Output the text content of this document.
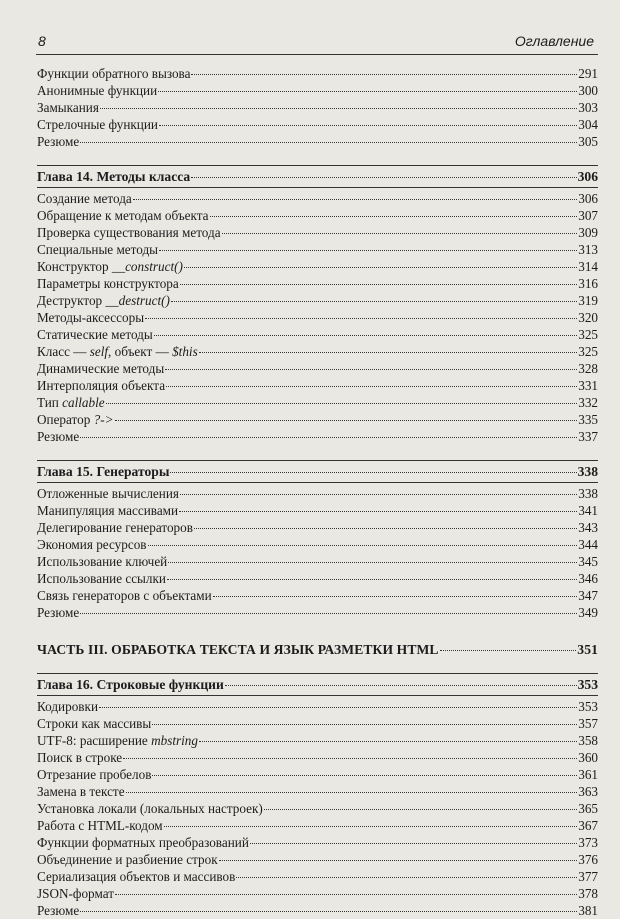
8	Оглавление
Функции обратного вызова	291
Анонимные функции	300
Замыкания	303
Стрелочные функции	304
Резюме	305
Глава 14. Методы класса	306
Создание метода	306
Обращение к методам объекта	307
Проверка существования метода	309
Специальные методы	313
Конструктор __construct()	314
Параметры конструктора	316
Деструктор __destruct()	319
Методы-аксессоры	320
Статические методы	325
Класс — self, объект — $this	325
Динамические методы	328
Интерполяция объекта	331
Тип callable	332
Оператор ?->	335
Резюме	337
Глава 15. Генераторы	338
Отложенные вычисления	338
Манипуляция массивами	341
Делегирование генераторов	343
Экономия ресурсов	344
Использование ключей	345
Использование ссылки	346
Связь генераторов с объектами	347
Резюме	349
ЧАСТЬ III. ОБРАБОТКА ТЕКСТА И ЯЗЫК РАЗМЕТКИ HTML	351
Глава 16. Строковые функции	353
Кодировки	353
Строки как массивы	357
UTF-8: расширение mbstring	358
Поиск в строке	360
Отрезание пробелов	361
Замена в тексте	363
Установка локали (локальных настроек)	365
Работа с HTML-кодом	367
Функции форматных преобразований	373
Объединение и разбиение строк	376
Сериализация объектов и массивов	377
JSON-формат	378
Резюме	381
